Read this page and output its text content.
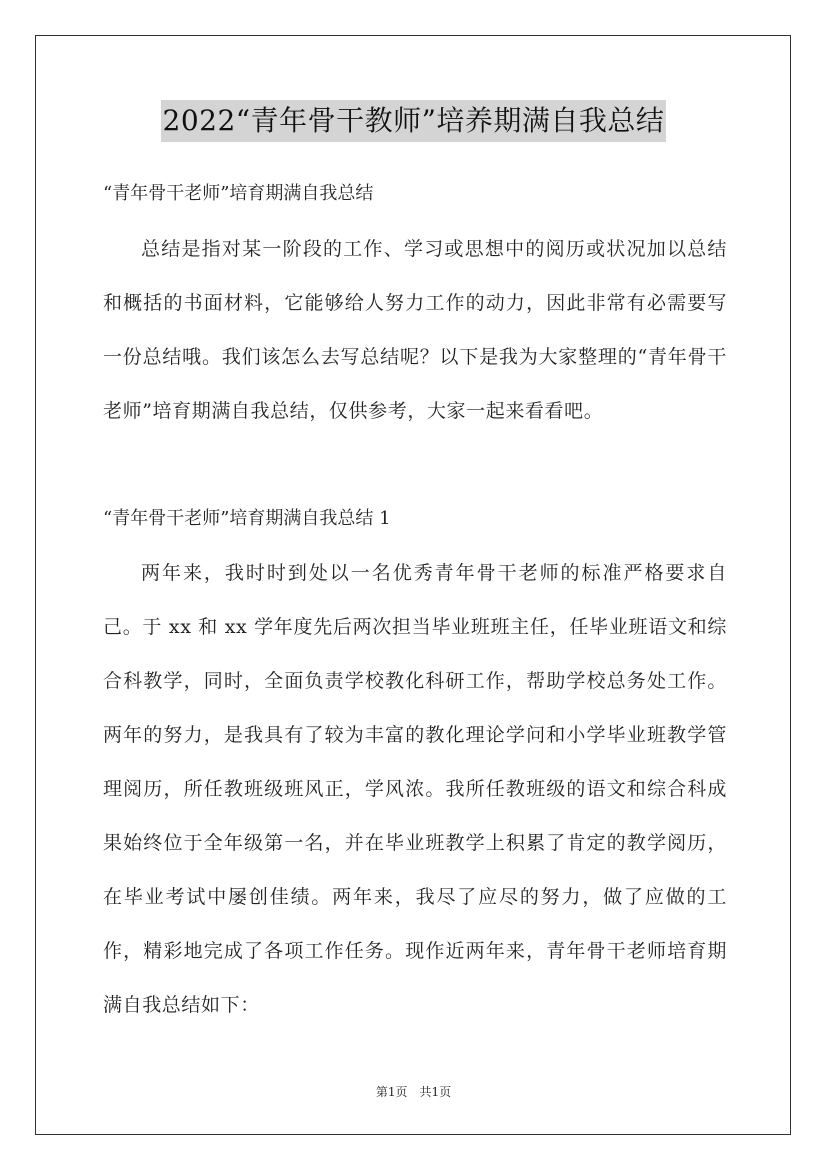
2022“青年骨干教师”培养期满自我总结

“青年骨干老师”培育期满自我总结

总结是指对某一阶段的工作、学习或思想中的阅历或状况加以总结和概括的书面材料，它能够给人努力工作的动力，因此非常有必需要写一份总结哦。我们该怎么去写总结呢？以下是我为大家整理的“青年骨干老师”培育期满自我总结，仅供参考，大家一起来看看吧。

“青年骨干老师”培育期满自我总结 1

两年来，我时时到处以一名优秀青年骨干老师的标准严格要求自己。于 xx 和 xx 学年度先后两次担当毕业班班主任，任毕业班语文和综合科教学，同时，全面负责学校教化科研工作，帮助学校总务处工作。两年的努力，是我具有了较为丰富的教化理论学问和小学毕业班教学管理阅历，所任教班级班风正，学风浓。我所任教班级的语文和综合科成果始终位于全年级第一名，并在毕业班教学上积累了肯定的教学阅历，在毕业考试中屡创佳绩。两年来，我尽了应尽的努力，做了应做的工作，精彩地完成了各项工作任务。现作近两年来，青年骨干老师培育期满自我总结如下：

第1页　共1页
